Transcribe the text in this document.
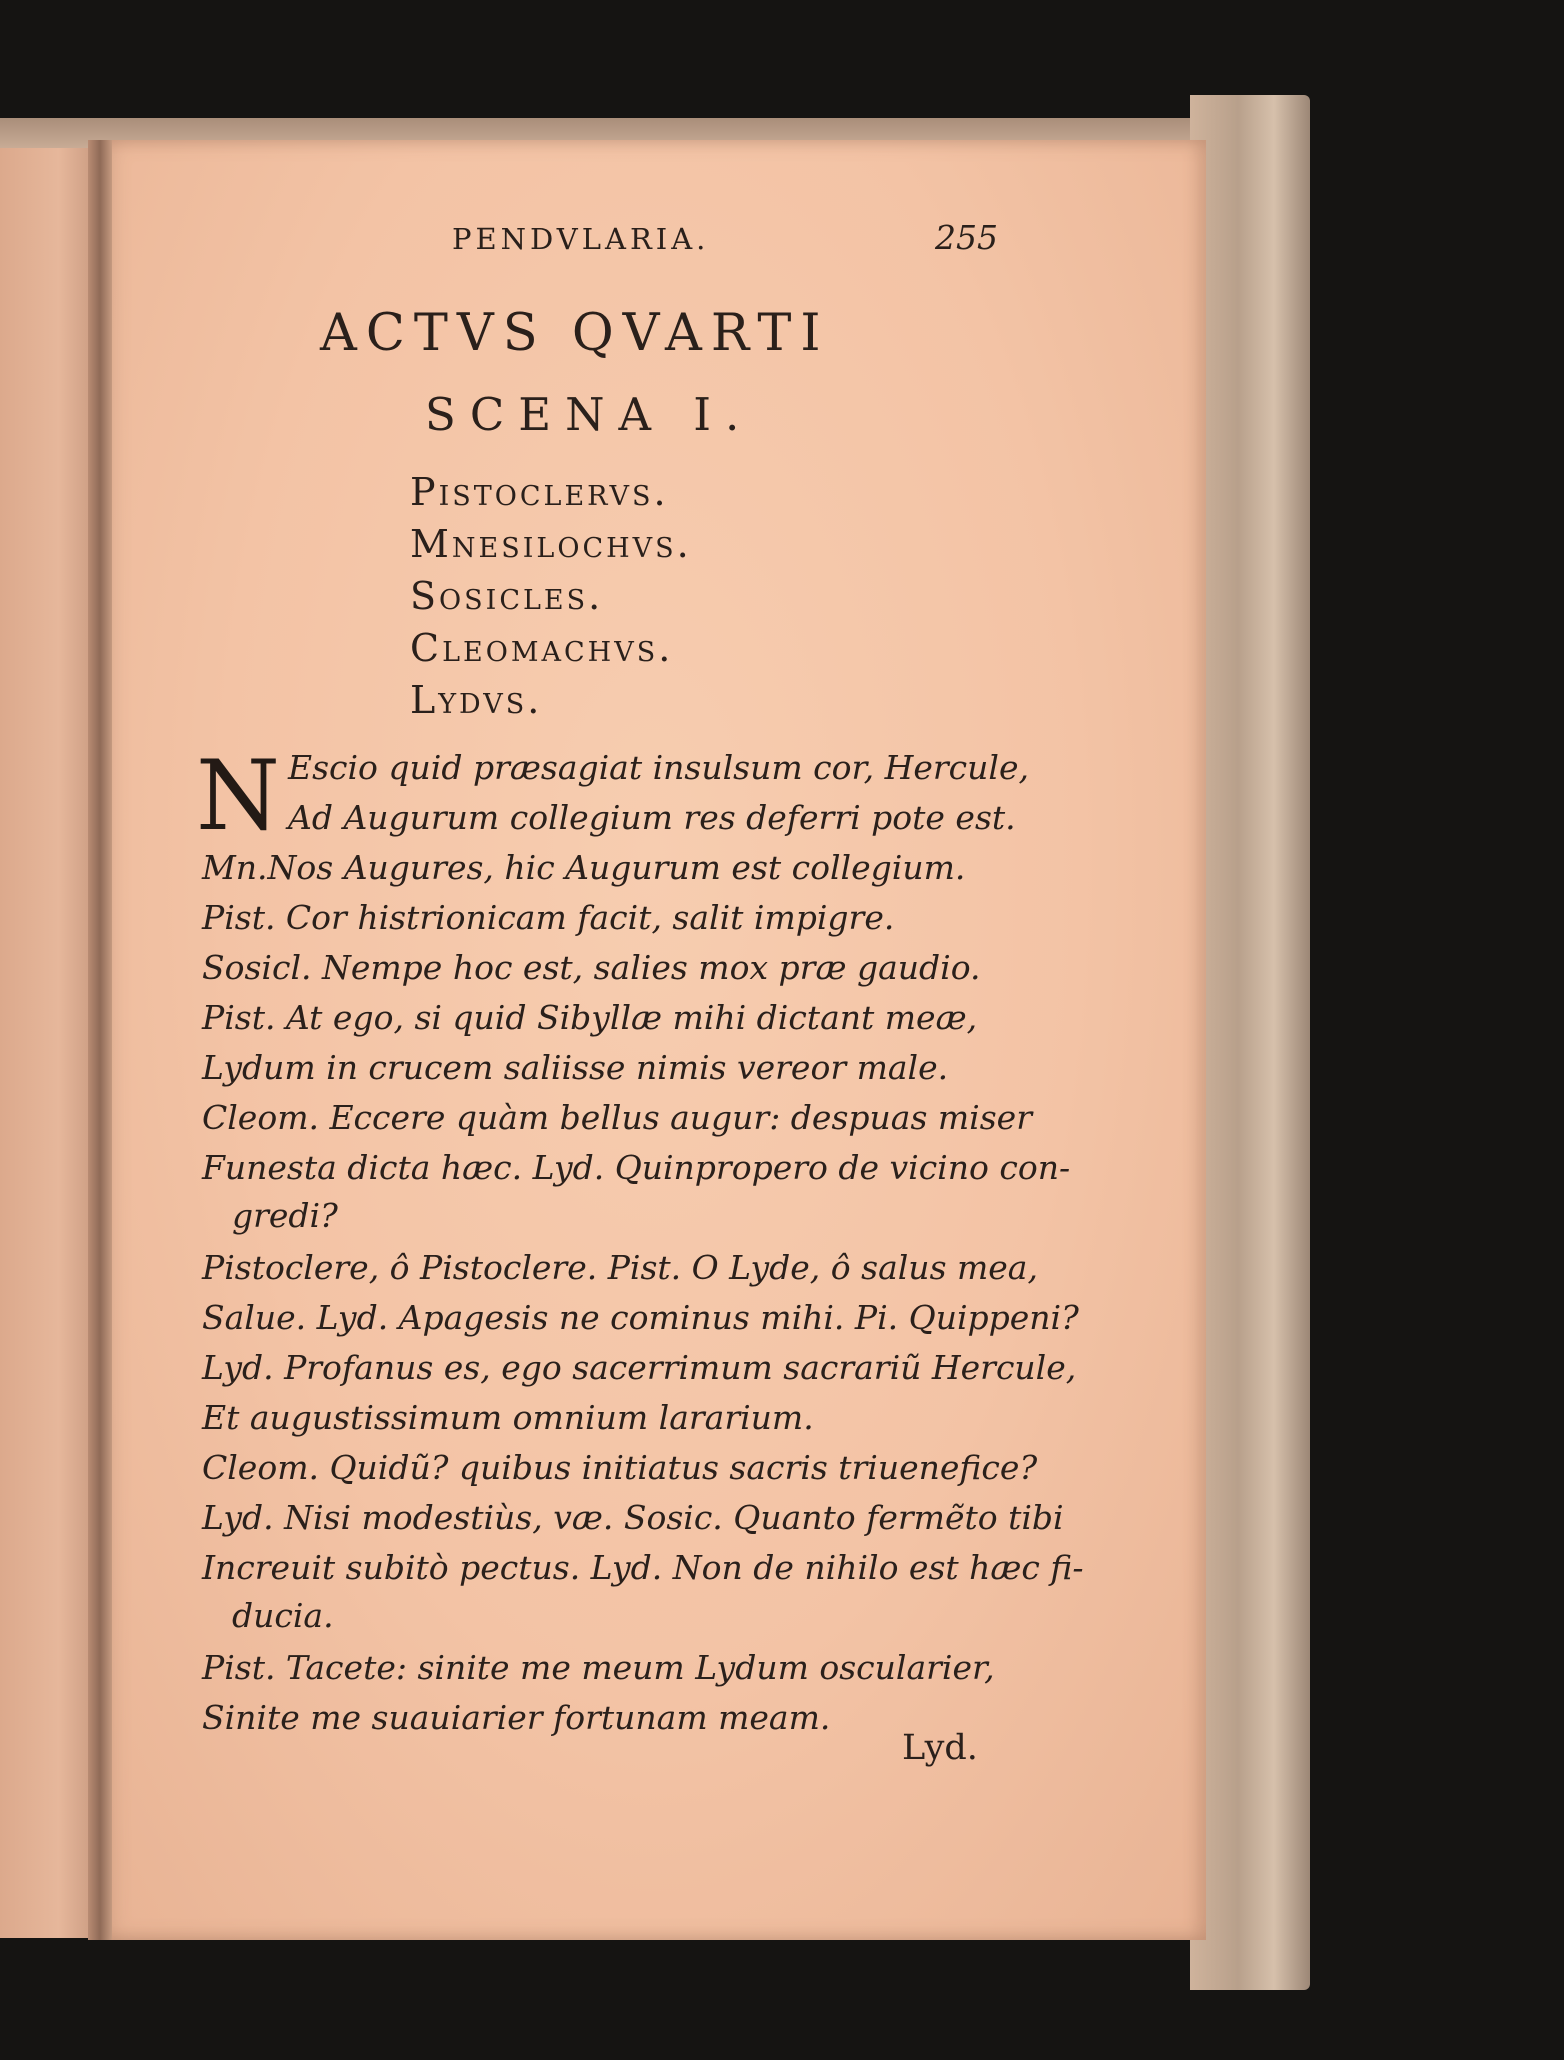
PENDVLARIA.	255
ACTVS QVARTI
SCENA I.
Pistoclervs.
Mnesilochvs.
Sosicles.
Cleomachvs.
Lydvs.
N Escio quid præsagiat insulsum cor, Hercule,
Ad Augurum collegium res deferri pote est.
Mn.Nos Augures, hic Augurum est collegium.
Pist. Cor histrionicam facit, salit impigre.
Sosicl. Nempe hoc est, salies mox præ gaudio.
Pist. At ego, si quid Sibyllæ mihi dictant meæ,
Lydum in crucem saliisse nimis vereor male.
Cleom. Eccere quàm bellus augur: despuas miser
Funesta dicta hæc. Lyd. Quinpropero de vicino con-
gredi?
Pistoclere, ô Pistoclere. Pist. O Lyde, ô salus mea,
Salue. Lyd. Apagesis ne cominus mihi. Pi. Quippeni?
Lyd. Profanus es, ego sacerrimum sacrariũ Hercule,
Et augustissimum omnium lararium.
Cleom. Quidũ? quibus initiatus sacris triuenefice?
Lyd. Nisi modestiùs, væ. Sosic. Quanto fermẽto tibi
Increuit subitò pectus. Lyd. Non de nihilo est hæc fi-
ducia.
Pist. Tacete: sinite me meum Lydum oscularier,
Sinite me suauiarier fortunam meam.
Lyd.
